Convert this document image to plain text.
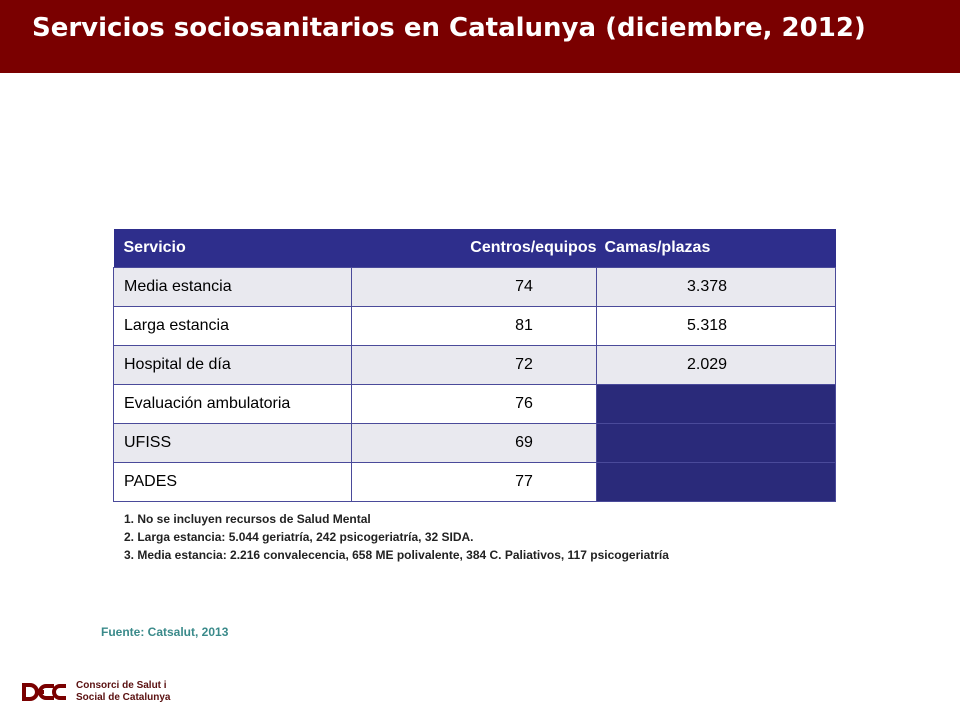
Servicios sociosanitarios en Catalunya (diciembre, 2012)
Servicio	Centros/equipos	Camas/plazas
Media estancia	74	3.378
Larga estancia	81	5.318
Hospital de día	72	2.029
Evaluación ambulatoria	76	
UFISS	69	
PADES	77	
1. No se incluyen recursos de Salud Mental
2. Larga estancia: 5.044 geriatría, 242 psicogeriatría, 32 SIDA.
3. Media estancia: 2.216 convalecencia, 658 ME polivalente, 384 C. Paliativos, 117 psicogeriatría
Fuente: Catsalut, 2013
Consorci de Salut i
Social de Catalunya
